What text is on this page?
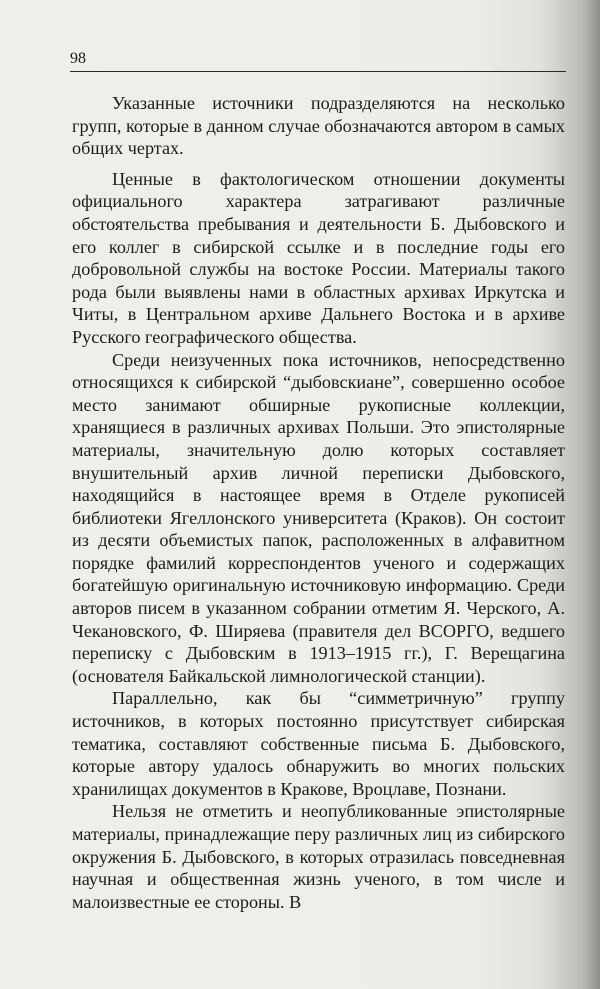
98

Указанные источники подразделяются на несколько групп, которые в данном случае обозначаются автором в самых общих чертах.

Ценные в фактологическом отношении документы официального характера затрагивают различные обстоятельства пребывания и деятельности Б. Дыбовского и его коллег в сибирской ссылке и в последние годы его добровольной службы на востоке России. Материалы такого рода были выявлены нами в областных архивах Иркутска и Читы, в Центральном архиве Дальнего Востока и в архиве Русского географического общества.

Среди неизученных пока источников, непосредственно относящихся к сибирской “дыбовскиане”, совершенно особое место занимают обширные рукописные коллекции, хранящиеся в различных архивах Польши. Это эпистолярные материалы, значительную долю которых составляет внушительный архив личной переписки Дыбовского, находящийся в настоящее время в Отделе рукописей библиотеки Ягеллонского университета (Краков). Он состоит из десяти объемистых папок, расположенных в алфавитном порядке фамилий корреспондентов ученого и содержащих богатейшую оригинальную источниковую информацию. Среди авторов писем в указанном собрании отметим Я. Черского, А. Чекановского, Ф. Ширяева (правителя дел ВСОРГО, ведшего переписку с Дыбовским в 1913–1915 гг.), Г. Верещагина (основателя Байкальской лимнологической станции).

Параллельно, как бы “симметричную” группу источников, в которых постоянно присутствует сибирская тематика, составляют собственные письма Б. Дыбовского, которые автору удалось обнаружить во многих польских хранилищах документов в Кракове, Вроцлаве, Познани.

Нельзя не отметить и неопубликованные эпистолярные материалы, принадлежащие перу различных лиц из сибирского окружения Б. Дыбовского, в которых отразилась повседневная научная и общественная жизнь ученого, в том числе и малоизвестные ее стороны. В
